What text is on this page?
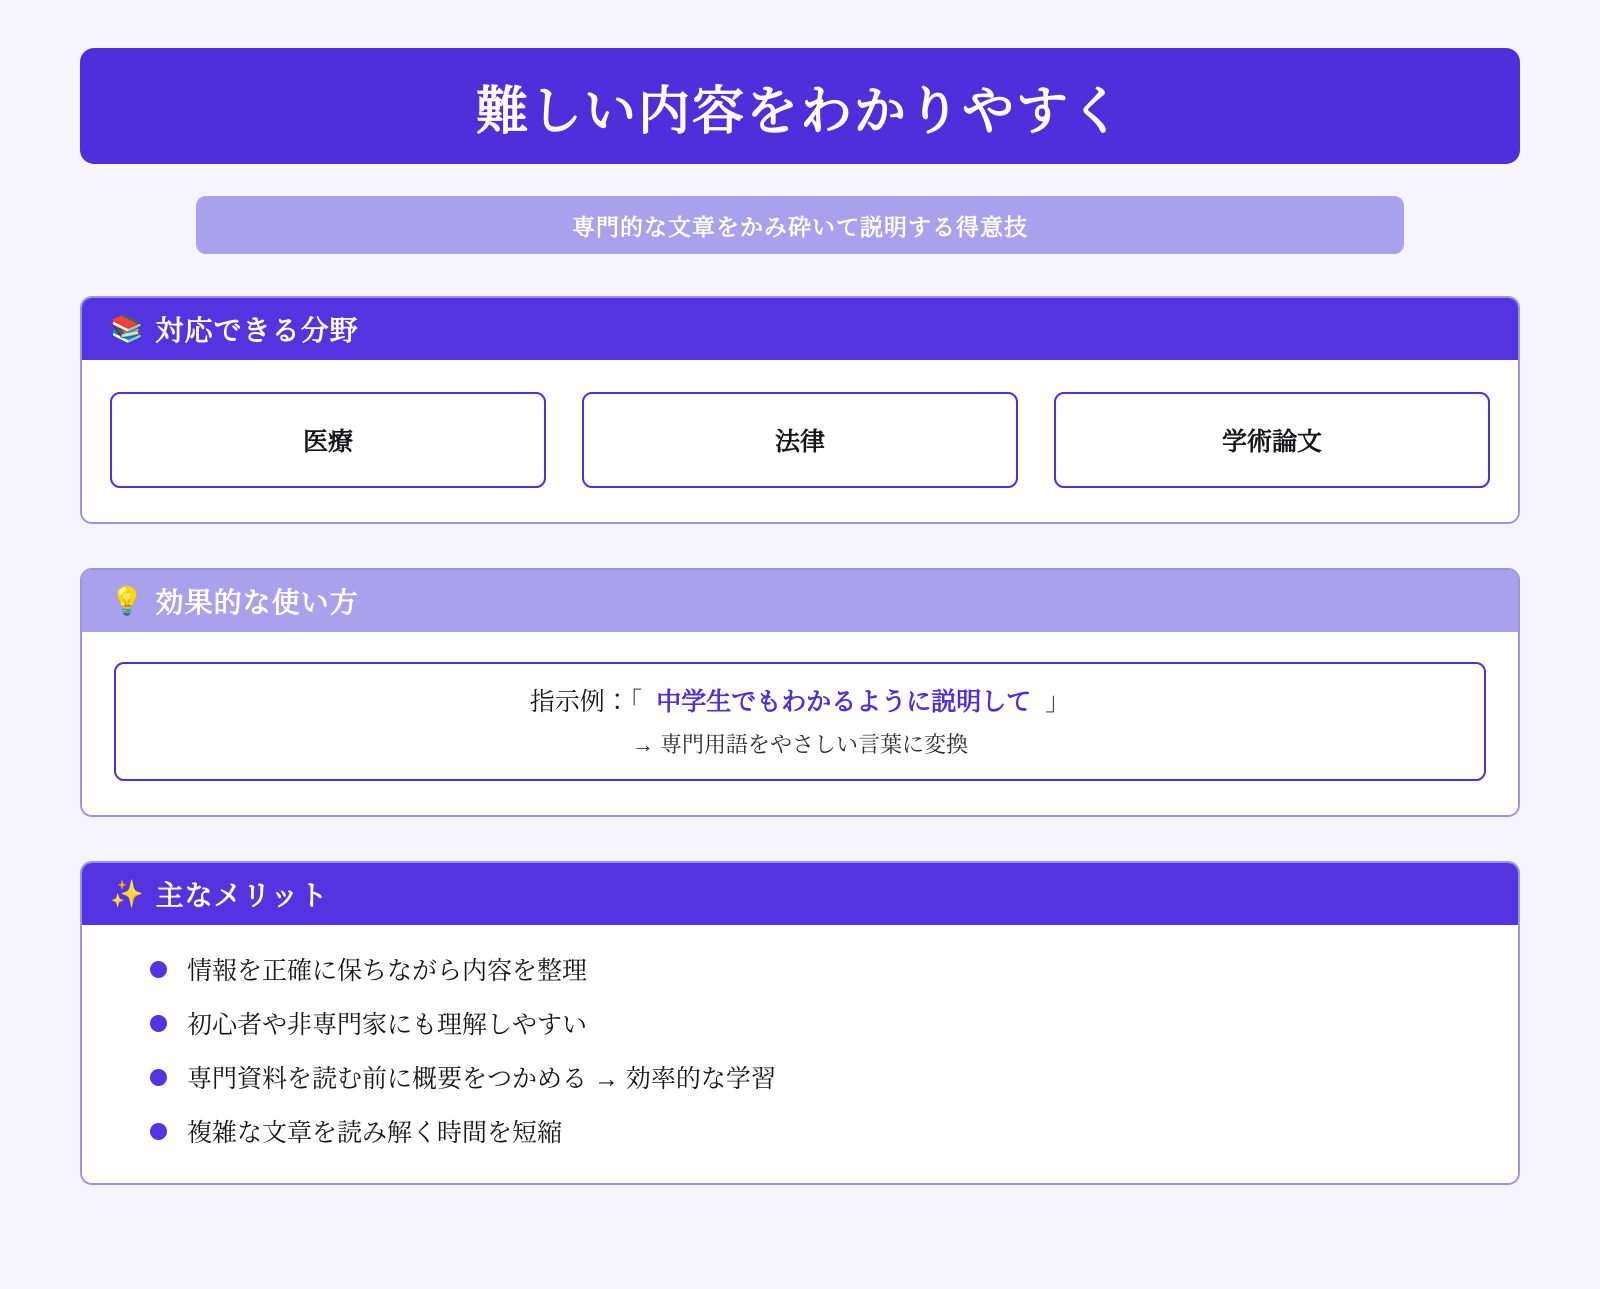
難しい内容をわかりやすく
専門的な文章をかみ砕いて説明する得意技
📚 対応できる分野
医療	法律	学術論文
💡 効果的な使い方
指示例：「 中学生でもわかるように説明して 」
→ 専門用語をやさしい言葉に変換
✨ 主なメリット
情報を正確に保ちながら内容を整理
初心者や非専門家にも理解しやすい
専門資料を読む前に概要をつかめる → 効率的な学習
複雑な文章を読み解く時間を短縮
